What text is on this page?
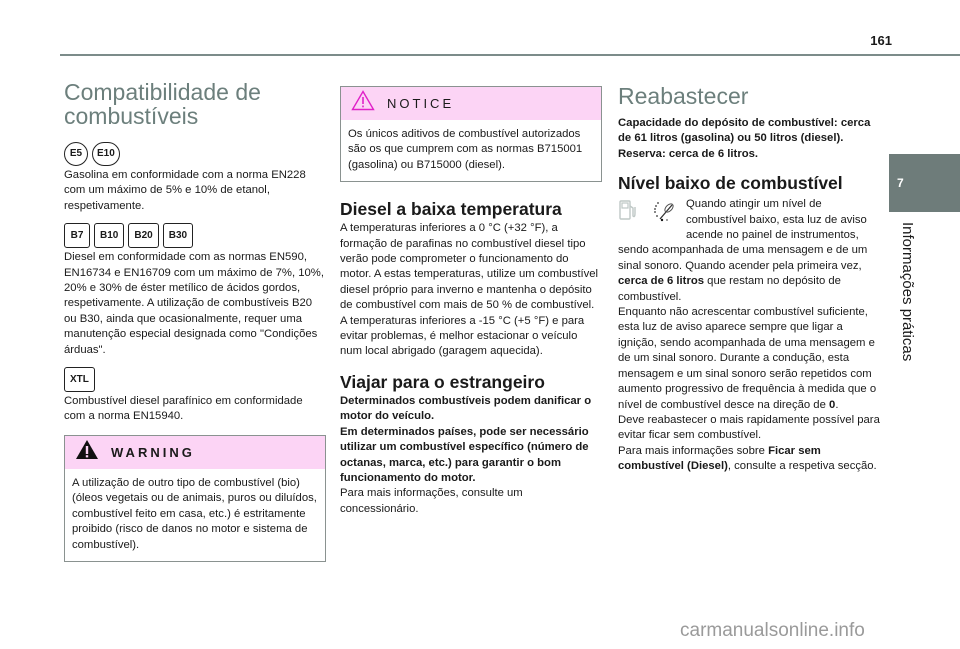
161
7
Informações práticas
Compatibilidade de combustíveis
E5	E10

Gasolina em conformidade com a norma EN228 com um máximo de 5% e 10% de etanol, respetivamente.

B7	B10	B20	B30

Diesel em conformidade com as normas EN590, EN16734 e EN16709 com um máximo de 7%, 10%, 20% e 30% de éster metílico de ácidos gordos, respetivamente. A utilização de combustíveis B20 ou B30, ainda que ocasionalmente, requer uma manutenção especial designada como "Condições árduas".

XTL

Combustível diesel parafínico em conformidade com a norma EN15940.

WARNING
A utilização de outro tipo de combustível (bio) (óleos vegetais ou de animais, puros ou diluídos, combustível feito em casa, etc.) é estritamente proibido (risco de danos no motor e sistema de combustível).
NOTICE
Os únicos aditivos de combustível autorizados são os que cumprem com as normas B715001 (gasolina) ou B715000 (diesel).
Diesel a baixa temperatura

A temperaturas inferiores a 0 °C (+32 °F), a formação de parafinas no combustível diesel tipo verão pode comprometer o funcionamento do motor. A estas temperaturas, utilize um combustível diesel próprio para inverno e mantenha o depósito de combustível com mais de 50 % de combustível.

A temperaturas inferiores a -15 °C (+5 °F) e para evitar problemas, é melhor estacionar o veículo num local abrigado (garagem aquecida).

Viajar para o estrangeiro

Determinados combustíveis podem danificar o motor do veículo.

Em determinados países, pode ser necessário utilizar um combustível específico (número de octanas, marca, etc.) para garantir o bom funcionamento do motor.

Para mais informações, consulte um concessionário.

Reabastecer

Capacidade do depósito de combustível: cerca de 61 litros (gasolina) ou 50 litros (diesel).

Reserva: cerca de 6 litros.

Nível baixo de combustível

Quando atingir um nível de combustível baixo, esta luz de aviso acende no painel de instrumentos, sendo acompanhada de uma mensagem e de um sinal sonoro. Quando acender pela primeira vez, cerca de 6 litros que restam no depósito de combustível.

Enquanto não acrescentar combustível suficiente, esta luz de aviso aparece sempre que ligar a ignição, sendo acompanhada de uma mensagem e de um sinal sonoro. Durante a condução, esta mensagem e um sinal sonoro serão repetidos com aumento progressivo de frequência à medida que o nível de combustível desce na direção de 0.

Deve reabastecer o mais rapidamente possível para evitar ficar sem combustível.

Para mais informações sobre Ficar sem combustível (Diesel), consulte a respetiva secção.

carmanualsonline.info
